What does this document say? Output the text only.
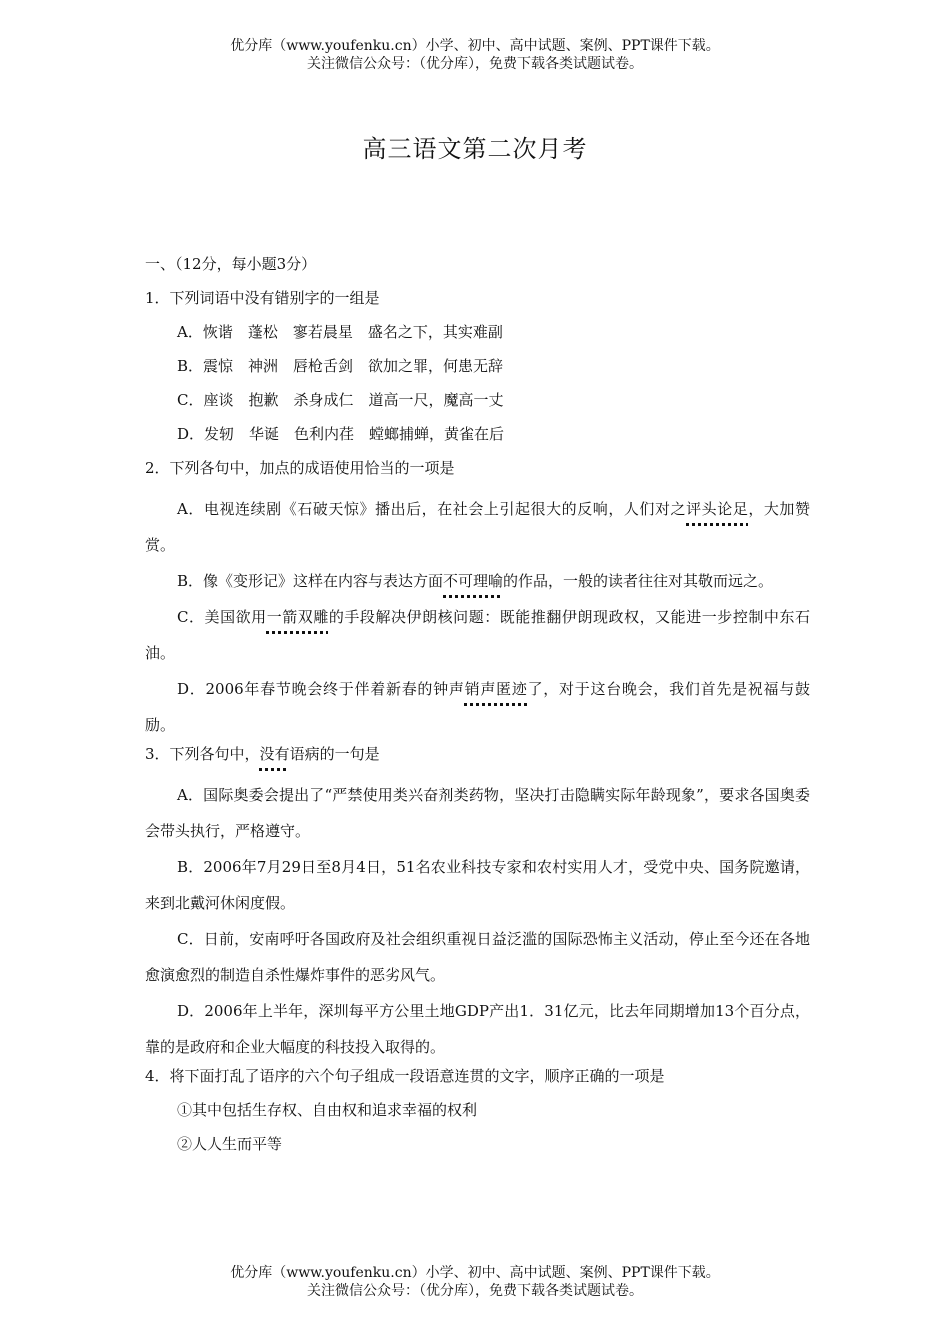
优分库（www.youfenku.cn）小学、初中、高中试题、案例、PPT课件下载。
关注微信公众号：（优分库），免费下载各类试题试卷。
高三语文第二次月考
一、（12分，每小题3分）
1．下列词语中没有错别字的一组是
A．恢谐　蓬松　寥若晨星　盛名之下，其实难副
B．震惊　神洲　唇枪舌剑　欲加之罪，何患无辞
C．座谈　抱歉　杀身成仁　道高一尺，魔高一丈
D．发轫　华诞　色利内荏　螳螂捕蝉，黄雀在后
2．下列各句中，加点的成语使用恰当的一项是

A．电视连续剧《石破天惊》播出后，在社会上引起很大的反响，人们对之评头论足，大加赞赏。

B．像《变形记》这样在内容与表达方面不可理喻的作品，一般的读者往往对其敬而远之。

C．美国欲用一箭双雕的手段解决伊朗核问题：既能推翻伊朗现政权，又能进一步控制中东石油。

D．2006年春节晚会终于伴着新春的钟声销声匿迹了，对于这台晚会，我们首先是祝福与鼓励。

3．下列各句中，没有语病的一句是

A．国际奥委会提出了“严禁使用类兴奋剂类药物，坚决打击隐瞒实际年龄现象”，要求各国奥委会带头执行，严格遵守。

B．2006年7月29日至8月4日，51名农业科技专家和农村实用人才，受党中央、国务院邀请，来到北戴河休闲度假。

C．日前，安南呼吁各国政府及社会组织重视日益泛滥的国际恐怖主义活动，停止至今还在各地愈演愈烈的制造自杀性爆炸事件的恶劣风气。

D．2006年上半年，深圳每平方公里土地GDP产出1．31亿元，比去年同期增加13个百分点，靠的是政府和企业大幅度的科技投入取得的。

4．将下面打乱了语序的六个句子组成一段语意连贯的文字，顺序正确的一项是
①其中包括生存权、自由权和追求幸福的权利
②人人生而平等
优分库（www.youfenku.cn）小学、初中、高中试题、案例、PPT课件下载。
关注微信公众号：（优分库），免费下载各类试题试卷。
